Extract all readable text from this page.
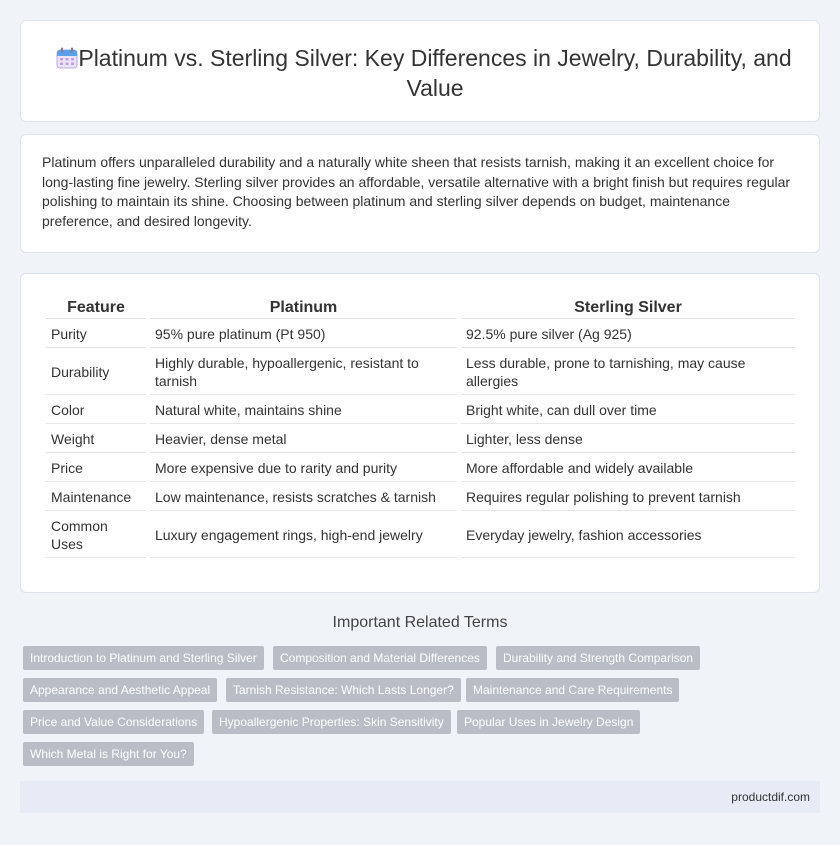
Platinum vs. Sterling Silver: Key Differences in Jewelry, Durability, and Value

Platinum offers unparalleled durability and a naturally white sheen that resists tarnish, making it an excellent choice for long-lasting fine jewelry. Sterling silver provides an affordable, versatile alternative with a bright finish but requires regular polishing to maintain its shine. Choosing between platinum and sterling silver depends on budget, maintenance preference, and desired longevity.

Feature	Platinum	Sterling Silver
Purity	95% pure platinum (Pt 950)	92.5% pure silver (Ag 925)
Durability	Highly durable, hypoallergenic, resistant to tarnish	Less durable, prone to tarnishing, may cause allergies
Color	Natural white, maintains shine	Bright white, can dull over time
Weight	Heavier, dense metal	Lighter, less dense
Price	More expensive due to rarity and purity	More affordable and widely available
Maintenance	Low maintenance, resists scratches & tarnish	Requires regular polishing to prevent tarnish
Common Uses	Luxury engagement rings, high-end jewelry	Everyday jewelry, fashion accessories
Important Related Terms
Introduction to Platinum and Sterling Silver	Composition and Material Differences	Durability and Strength Comparison
Appearance and Aesthetic Appeal	Tarnish Resistance: Which Lasts Longer?	Maintenance and Care Requirements
Price and Value Considerations	Hypoallergenic Properties: Skin Sensitivity	Popular Uses in Jewelry Design
Which Metal is Right for You?
productdif.com
